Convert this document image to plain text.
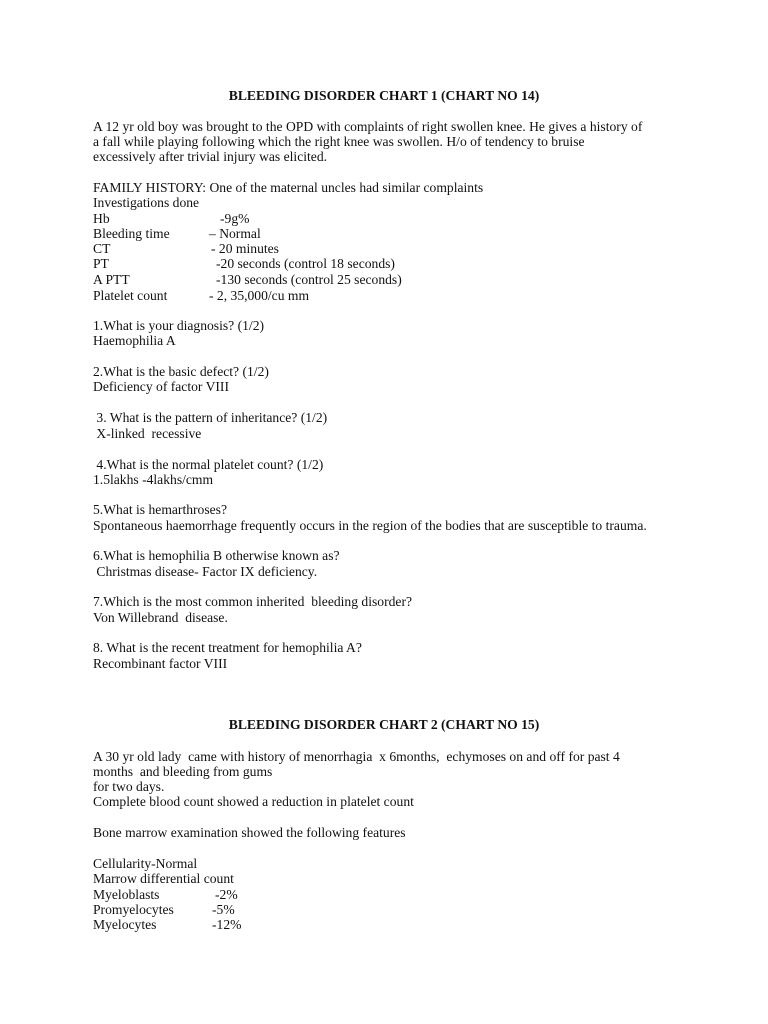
BLEEDING DISORDER CHART 1 (CHART NO 14)
A 12 yr old boy was brought to the OPD with complaints of right swollen knee. He gives a history of
a fall while playing following which the right knee was swollen. H/o of tendency to bruise
excessively after trivial injury was elicited.
FAMILY HISTORY: One of the maternal uncles had similar complaints
Investigations done
Hb	-9g%
Bleeding time	– Normal
CT	- 20 minutes
PT	-20 seconds (control 18 seconds)
A PTT	-130 seconds (control 25 seconds)
Platelet count	- 2, 35,000/cu mm
1.What is your diagnosis? (1/2)
Haemophilia A
2.What is the basic defect? (1/2)
Deficiency of factor VIII
3. What is the pattern of inheritance? (1/2)
X-linked  recessive
4.What is the normal platelet count? (1/2)
1.5lakhs -4lakhs/cmm
5.What is hemarthroses?
Spontaneous haemorrhage frequently occurs in the region of the bodies that are susceptible to trauma.
6.What is hemophilia B otherwise known as?
Christmas disease- Factor IX deficiency.
7.Which is the most common inherited  bleeding disorder?
Von Willebrand  disease.
8. What is the recent treatment for hemophilia A?
Recombinant factor VIII
BLEEDING DISORDER CHART 2 (CHART NO 15)
A 30 yr old lady  came with history of menorrhagia  x 6months,  echymoses on and off for past 4
months  and bleeding from gums
for two days.
Complete blood count showed a reduction in platelet count
Bone marrow examination showed the following features
Cellularity-Normal
Marrow differential count
Myeloblasts	-2%
Promyelocytes	-5%
Myelocytes	-12%
